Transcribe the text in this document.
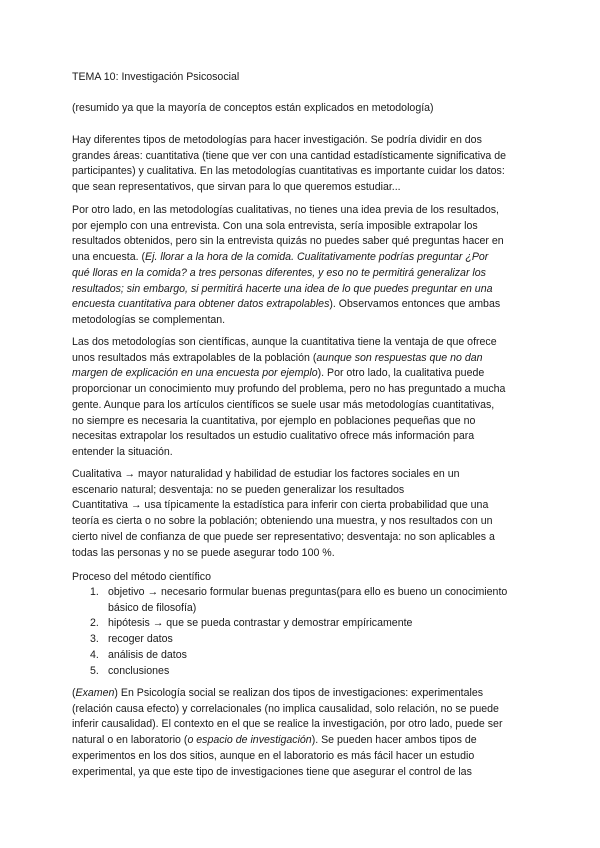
TEMA 10: Investigación Psicosocial

(resumido ya que la mayoría de conceptos están explicados en metodología)

Hay diferentes tipos de metodologías para hacer investigación. Se podría dividir en dos
grandes áreas: cuantitativa (tiene que ver con una cantidad estadísticamente significativa de
participantes) y cualitativa. En las metodologías cuantitativas es importante cuidar los datos:
que sean representativos, que sirvan para lo que queremos estudiar...

Por otro lado, en las metodologías cualitativas, no tienes una idea previa de los resultados,
por ejemplo con una entrevista. Con una sola entrevista, sería imposible extrapolar los
resultados obtenidos, pero sin la entrevista quizás no puedes saber qué preguntas hacer en
una encuesta. (Ej. llorar a la hora de la comida. Cualitativamente podrías preguntar ¿Por
qué lloras en la comida? a tres personas diferentes, y eso no te permitirá generalizar los
resultados; sin embargo, si permitirá hacerte una idea de lo que puedes preguntar en una
encuesta cuantitativa para obtener datos extrapolables). Observamos entonces que ambas
metodologías se complementan.

Las dos metodologías son científicas, aunque la cuantitativa tiene la ventaja de que ofrece
unos resultados más extrapolables de la población (aunque son respuestas que no dan
margen de explicación en una encuesta por ejemplo). Por otro lado, la cualitativa puede
proporcionar un conocimiento muy profundo del problema, pero no has preguntado a mucha
gente. Aunque para los artículos científicos se suele usar más metodologías cuantitativas,
no siempre es necesaria la cuantitativa, por ejemplo en poblaciones pequeñas que no
necesitas extrapolar los resultados un estudio cualitativo ofrece más información para
entender la situación.

Cualitativa → mayor naturalidad y habilidad de estudiar los factores sociales en un
escenario natural; desventaja: no se pueden generalizar los resultados
Cuantitativa → usa típicamente la estadística para inferir con cierta probabilidad que una
teoría es cierta o no sobre la población; obteniendo una muestra, y nos resultados con un
cierto nivel de confianza de que puede ser representativo; desventaja: no son aplicables a
todas las personas y no se puede asegurar todo 100 %.

Proceso del método científico

1. objetivo → necesario formular buenas preguntas(para ello es bueno un conocimiento
básico de filosofía)
2. hipótesis → que se pueda contrastar y demostrar empíricamente
3. recoger datos
4. análisis de datos
5. conclusiones

(Examen) En Psicología social se realizan dos tipos de investigaciones: experimentales
(relación causa efecto) y correlacionales (no implica causalidad, solo relación, no se puede
inferir causalidad). El contexto en el que se realice la investigación, por otro lado, puede ser
natural o en laboratorio (o espacio de investigación). Se pueden hacer ambos tipos de
experimentos en los dos sitios, aunque en el laboratorio es más fácil hacer un estudio
experimental, ya que este tipo de investigaciones tiene que asegurar el control de las
